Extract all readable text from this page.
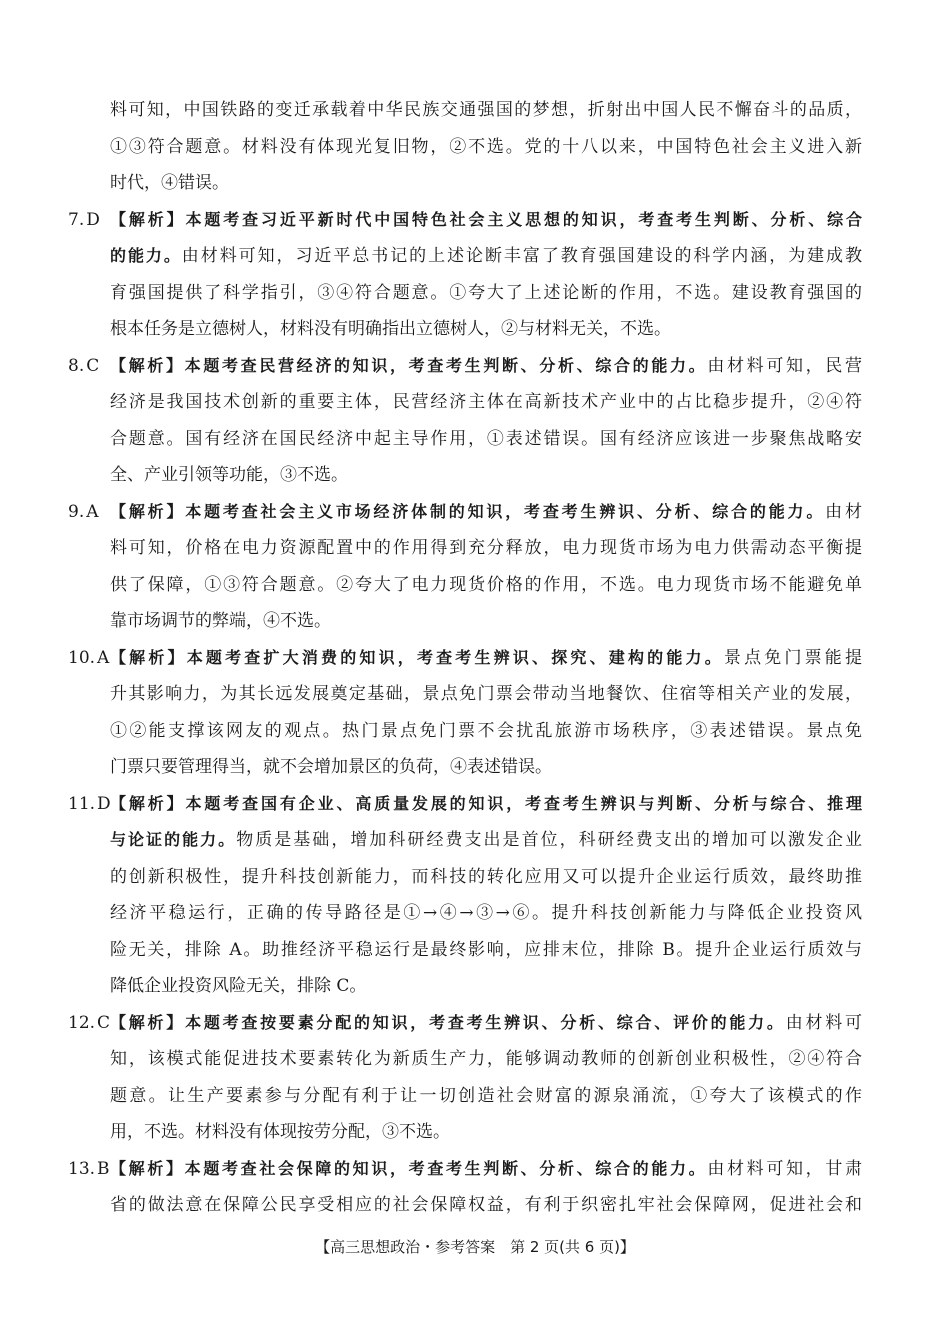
料可知，中国铁路的变迁承载着中华民族交通强国的梦想，折射出中国人民不懈奋斗的品质，
①③符合题意。材料没有体现光复旧物，②不选。党的十八以来，中国特色社会主义进入新
时代，④错误。
7. D 【解析】本题考查习近平新时代中国特色社会主义思想的知识，考查考生判断、分析、综合
的能力。由材料可知，习近平总书记的上述论断丰富了教育强国建设的科学内涵，为建成教
育强国提供了科学指引，③④符合题意。①夸大了上述论断的作用，不选。建设教育强国的
根本任务是立德树人，材料没有明确指出立德树人，②与材料无关，不选。
8. C 【解析】本题考查民营经济的知识，考查考生判断、分析、综合的能力。由材料可知，民营
经济是我国技术创新的重要主体，民营经济主体在高新技术产业中的占比稳步提升，②④符
合题意。国有经济在国民经济中起主导作用，①表述错误。国有经济应该进一步聚焦战略安
全、产业引领等功能，③不选。
9. A 【解析】本题考查社会主义市场经济体制的知识，考查考生辨识、分析、综合的能力。由材
料可知，价格在电力资源配置中的作用得到充分释放，电力现货市场为电力供需动态平衡提
供了保障，①③符合题意。②夸大了电力现货价格的作用，不选。电力现货市场不能避免单
靠市场调节的弊端，④不选。
10. A 【解析】本题考查扩大消费的知识，考查考生辨识、探究、建构的能力。景点免门票能提
升其影响力，为其长远发展奠定基础，景点免门票会带动当地餐饮、住宿等相关产业的发展，
①②能支撑该网友的观点。热门景点免门票不会扰乱旅游市场秩序，③表述错误。景点免
门票只要管理得当，就不会增加景区的负荷，④表述错误。
11. D 【解析】本题考查国有企业、高质量发展的知识，考查考生辨识与判断、分析与综合、推理
与论证的能力。物质是基础，增加科研经费支出是首位，科研经费支出的增加可以激发企业
的创新积极性，提升科技创新能力，而科技的转化应用又可以提升企业运行质效，最终助推
经济平稳运行，正确的传导路径是①→④→③→⑥。提升科技创新能力与降低企业投资风
险无关，排除 A。助推经济平稳运行是最终影响，应排末位，排除 B。提升企业运行质效与
降低企业投资风险无关，排除 C。
12. C 【解析】本题考查按要素分配的知识，考查考生辨识、分析、综合、评价的能力。由材料可
知，该模式能促进技术要素转化为新质生产力，能够调动教师的创新创业积极性，②④符合
题意。让生产要素参与分配有利于让一切创造社会财富的源泉涌流，①夸大了该模式的作
用，不选。材料没有体现按劳分配，③不选。
13. B 【解析】本题考查社会保障的知识，考查考生判断、分析、综合的能力。由材料可知，甘肃
省的做法意在保障公民享受相应的社会保障权益，有利于织密扎牢社会保障网，促进社会和
【高三思想政治・参考答案　第 2 页(共 6 页)】
